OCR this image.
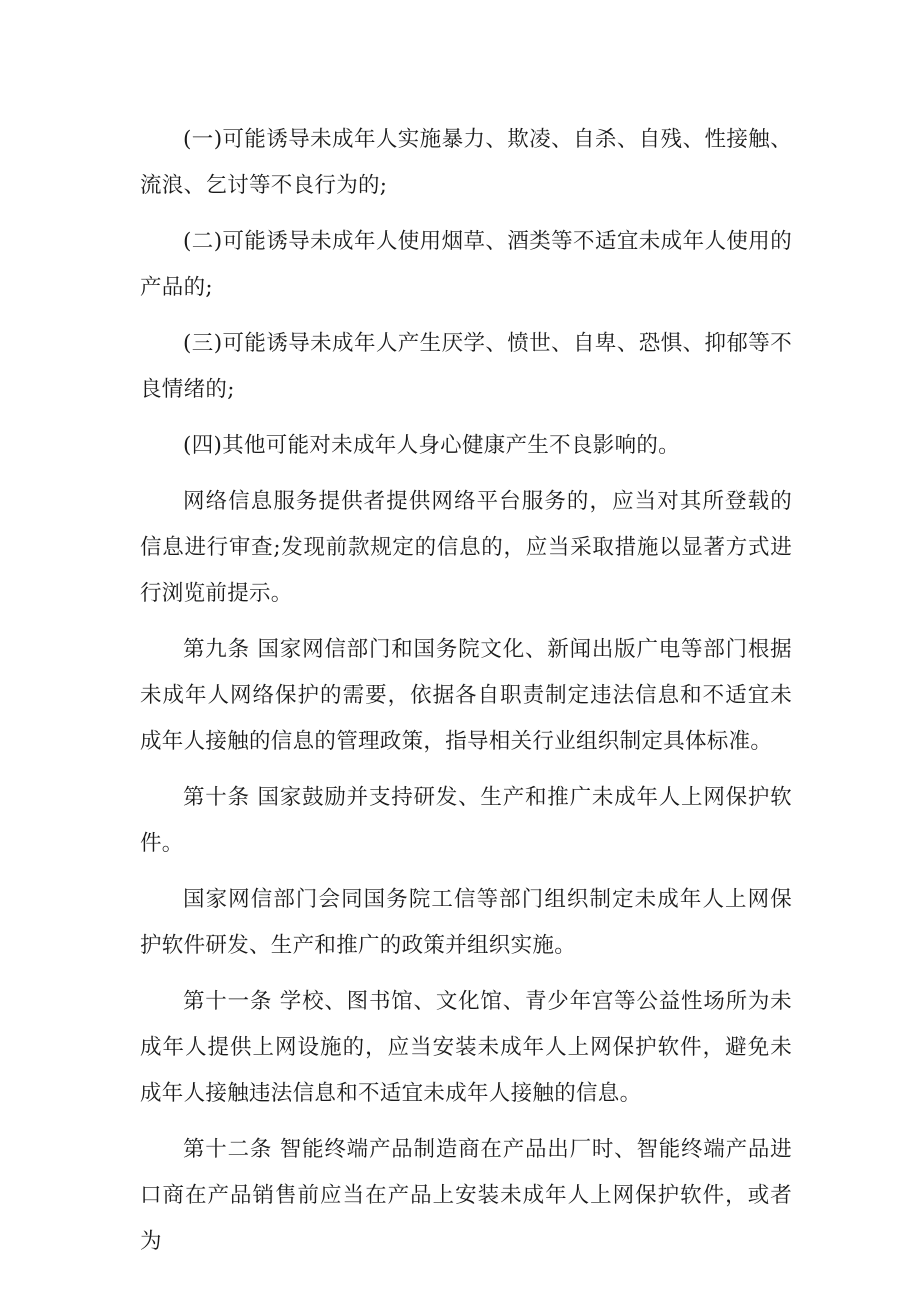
(一)可能诱导未成年人实施暴力、欺凌、自杀、自残、性接触、流浪、乞讨等不良行为的;

(二)可能诱导未成年人使用烟草、酒类等不适宜未成年人使用的产品的;

(三)可能诱导未成年人产生厌学、愤世、自卑、恐惧、抑郁等不良情绪的;

(四)其他可能对未成年人身心健康产生不良影响的。

网络信息服务提供者提供网络平台服务的，应当对其所登载的信息进行审查;发现前款规定的信息的，应当采取措施以显著方式进行浏览前提示。

第九条 国家网信部门和国务院文化、新闻出版广电等部门根据未成年人网络保护的需要，依据各自职责制定违法信息和不适宜未成年人接触的信息的管理政策，指导相关行业组织制定具体标准。

第十条 国家鼓励并支持研发、生产和推广未成年人上网保护软件。

国家网信部门会同国务院工信等部门组织制定未成年人上网保护软件研发、生产和推广的政策并组织实施。

第十一条 学校、图书馆、文化馆、青少年宫等公益性场所为未成年人提供上网设施的，应当安装未成年人上网保护软件，避免未成年人接触违法信息和不适宜未成年人接触的信息。

第十二条 智能终端产品制造商在产品出厂时、智能终端产品进口商在产品销售前应当在产品上安装未成年人上网保护软件，或者为
